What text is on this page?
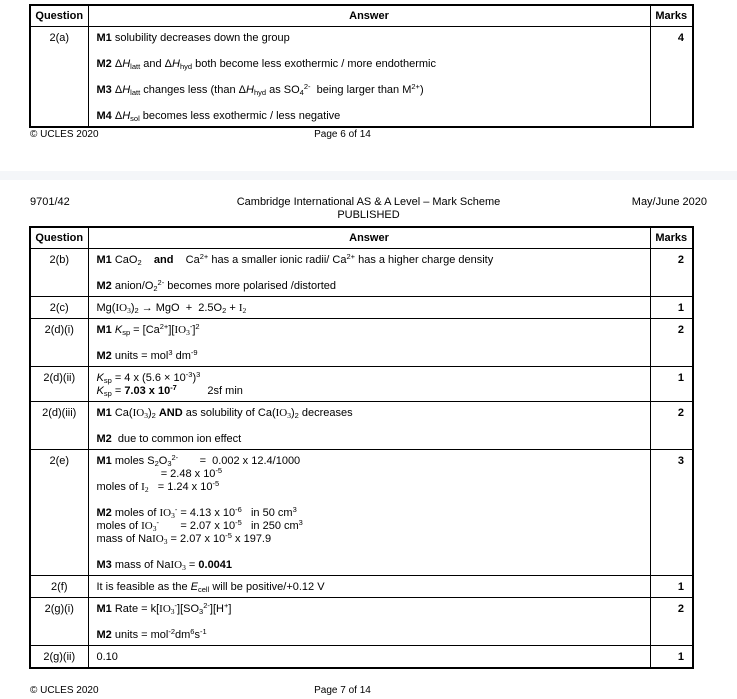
Question	Answer	Marks
2(a)	M1 solubility decreases down the group

M2 $\Delta H_{latt}$ and $\Delta H_{hyd}$ both become less exothermic / more endothermic

M3 $\Delta H_{latt}$ changes less (than $\Delta H_{hyd}$ as $SO_4^{2-}$  being larger than $M^{2+}$)

M4 $\Delta H_{sol}$ becomes less exothermic / less negative	4
© UCLES 2020	Page 6 of 14
9701/42	May/June 2020
Cambridge International AS & A Level – Mark Scheme
PUBLISHED
Question	Answer	Marks
2(b)	M1 CaO$_2$ and    $Ca^{2+}$ has a smaller ionic radii/ $Ca^{2+}$ has a higher charge density

M2 anion/$O_2^{2-}$ becomes more polarised /distorted	2
2(c)	$Mg(IO_3)_2$ → MgO  +  $2.5O_2 + I_2$	1
2(d)(i)	M1 $K_{sp} = [Ca^{2+}][IO_3^-]^2$

M2 units = mol$^3$ $dm^{-9}$	2
2(d)(ii)	$K_{sp} = 4$ x $(5.6 \times 10^{-3})^3$
$K_{sp} = 7.03$ x $10^{-7}$          2sf min	1
2(d)(iii)	M1 $Ca(IO_3)_2$ AND as solubility of $Ca(IO_3)_2$ decreases

M2  due to common ion effect	2
2(e)	M1 moles $S_2O_3^{2-}$       =  0.002 x 12.4/1000
= 2.48 x $10^{-5}$
moles of $I_2 = 1.24$ x $10^{-5}$

M2 moles of $IO_3^- = 4.13$ x $10^{-6}$   in 50 $cm^3$
moles of $IO_3^-$       = 2.07 x $10^{-5}$   in 250 $cm^3$
mass of NaIO$_3$ = 2.07 x $10^{-5}$ x 197.9

M3 mass of NaIO$_3$ = 0.0041
	3
2(f)	It is feasible as the $E_{cell}$ will be positive/+0.12 V	1
2(g)(i)	M1 Rate = $k[IO_3^-][SO_3^{2-}][H^+]$

M2 units = $mol^{-2}dm^6s^{-1}$	2
2(g)(ii)	0.10	1
© UCLES 2020	Page 7 of 14
